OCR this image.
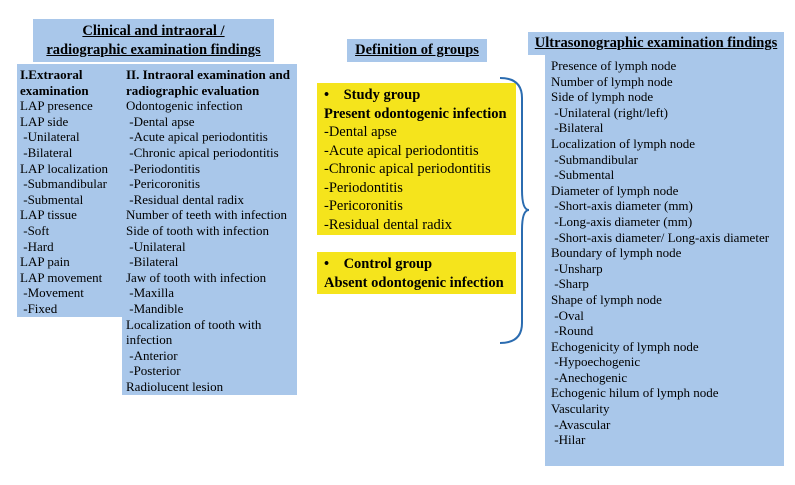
Clinical and intraoral /
radiographic examination findings
I.Extraoral
examination
LAP presence
LAP side
-Unilateral
-Bilateral
LAP localization
-Submandibular
-Submental
LAP tissue
-Soft
-Hard
LAP pain
LAP movement
-Movement
-Fixed
II. Intraoral examination and
radiographic evaluation
Odontogenic infection
-Dental apse
-Acute apical periodontitis
-Chronic apical periodontitis
-Periodontitis
-Pericoronitis
-Residual dental radix
Number of teeth with infection
Side of tooth with infection
-Unilateral
-Bilateral
Jaw of tooth with infection
-Maxilla
-Mandible
Localization of tooth with
infection
-Anterior
-Posterior
Radiolucent lesion
Definition of groups
• Study group
Present odontogenic infection
-Dental apse
-Acute apical periodontitis
-Chronic apical periodontitis
-Periodontitis
-Pericoronitis
-Residual dental radix
• Control group
Absent odontogenic infection
Ultrasonographic examination findings
Presence of lymph node
Number of lymph node
Side of lymph node
-Unilateral (right/left)
-Bilateral
Localization of lymph node
-Submandibular
-Submental
Diameter of lymph node
-Short-axis diameter (mm)
-Long-axis diameter (mm)
-Short-axis diameter/ Long-axis diameter
Boundary of lymph node
-Unsharp
-Sharp
Shape of lymph node
-Oval
-Round
Echogenicity of lymph node
-Hypoechogenic
-Anechogenic
Echogenic hilum of lymph node
Vascularity
-Avascular
-Hilar
